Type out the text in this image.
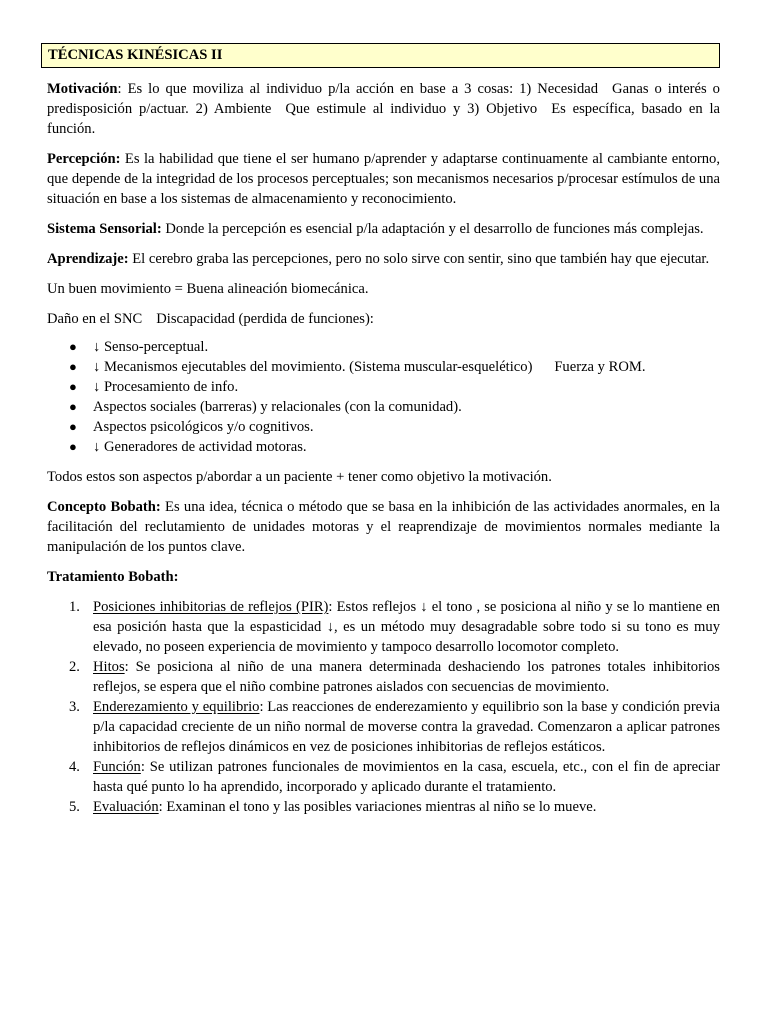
TÉCNICAS KINÉSICAS II

Motivación: Es lo que moviliza al individuo p/la acción en base a 3 cosas: 1) Necesidad Ganas o interés o predisposición p/actuar. 2) Ambiente Que estimule al individuo y 3) Objetivo Es específica, basado en la función.

Percepción: Es la habilidad que tiene el ser humano p/aprender y adaptarse continuamente al cambiante entorno, que depende de la integridad de los procesos perceptuales; son mecanismos necesarios p/procesar estímulos de una situación en base a los sistemas de almacenamiento y reconocimiento.

Sistema Sensorial: Donde la percepción es esencial p/la adaptación y el desarrollo de funciones más complejas.

Aprendizaje: El cerebro graba las percepciones, pero no solo sirve con sentir, sino que también hay que ejecutar.

Un buen movimiento = Buena alineación biomecánica.

Daño en el SNC Discapacidad (perdida de funciones):

● ↓ Senso-perceptual.
● ↓ Mecanismos ejecutables del movimiento. (Sistema muscular-esquelético)      Fuerza y ROM.
● ↓ Procesamiento de info.
● Aspectos sociales (barreras) y relacionales (con la comunidad).
● Aspectos psicológicos y/o cognitivos.
● ↓ Generadores de actividad motoras.

Todos estos son aspectos p/abordar a un paciente + tener como objetivo la motivación.

Concepto Bobath: Es una idea, técnica o método que se basa en la inhibición de las actividades anormales, en la facilitación del reclutamiento de unidades motoras y el reaprendizaje de movimientos normales mediante la manipulación de los puntos clave.

Tratamiento Bobath:

1. Posiciones inhibitorias de reflejos (PIR): Estos reflejos ↓ el tono , se posiciona al niño y se lo mantiene en esa posición hasta que la espasticidad ↓, es un método muy desagradable sobre todo si su tono es muy elevado, no poseen experiencia de movimiento y tampoco desarrollo locomotor completo.
2. Hitos: Se posiciona al niño de una manera determinada deshaciendo los patrones totales inhibitorios reflejos, se espera que el niño combine patrones aislados con secuencias de movimiento.
3. Enderezamiento y equilibrio: Las reacciones de enderezamiento y equilibrio son la base y condición previa p/la capacidad creciente de un niño normal de moverse contra la gravedad. Comenzaron a aplicar patrones inhibitorios de reflejos dinámicos en vez de posiciones inhibitorias de reflejos estáticos.
4. Función: Se utilizan patrones funcionales de movimientos en la casa, escuela, etc., con el fin de apreciar hasta qué punto lo ha aprendido, incorporado y aplicado durante el tratamiento.
5. Evaluación: Examinan el tono y las posibles variaciones mientras al niño se lo mueve.
